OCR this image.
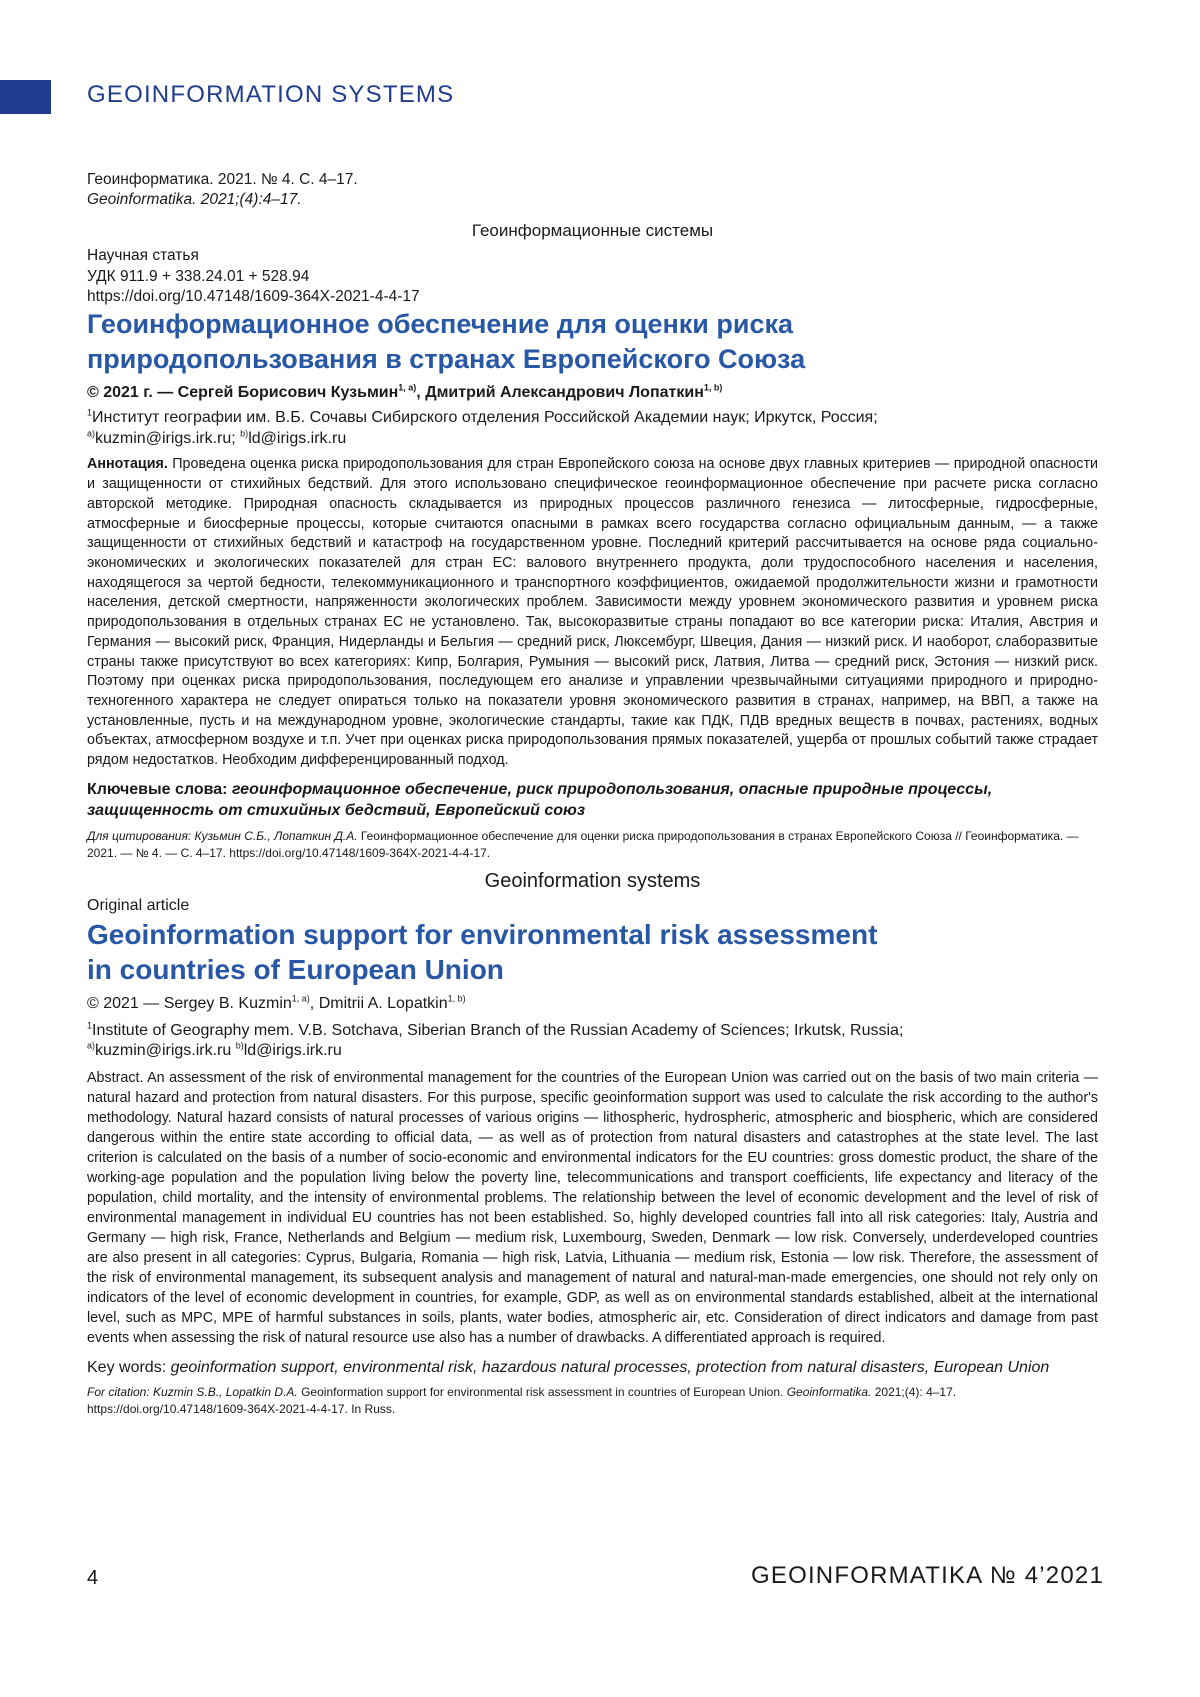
GEOINFORMATION SYSTEMS

Геоинформатика. 2021. № 4. С. 4–17.

Geoinformatika. 2021;(4):4–17.

Геоинформационные системы

Научная статья

УДК 911.9 + 338.24.01 + 528.94

https://doi.org/10.47148/1609-364X-2021-4-4-17

Геоинформационное обеспечение для оценки риска
природопользования в странах Европейского Союза

© 2021 г. — Сергей Борисович Кузьмин$^{1, a)}$, Дмитрий Александрович Лопаткин$^{1, b)}$

$^1$Институт географии им. В.Б. Сочавы Сибирского отделения Российской Академии наук; Иркутск, Россия;

$^{a)}$kuzmin@irigs.irk.ru; $^{b)}$ld@irigs.irk.ru

Аннотация. Проведена оценка риска природопользования для стран Европейского союза на основе двух главных критериев — природной опасности и защищенности от стихийных бедствий. Для этого использовано специфическое геоинформационное обеспечение при расчете риска согласно авторской методике. Природная опасность складывается из природных процессов различного генезиса — литосферные, гидросферные, атмосферные и биосферные процессы, которые считаются опасными в рамках всего государства согласно официальным данным, — а также защищенности от стихийных бедствий и катастроф на государственном уровне. Последний критерий рассчитывается на основе ряда социально-экономических и экологических показателей для стран ЕС: валового внутреннего продукта, доли трудоспособного населения и населения, находящегося за чертой бедности, телекоммуникационного и транспортного коэффициентов, ожидаемой продолжительности жизни и грамотности населения, детской смертности, напряженности экологических проблем. Зависимости между уровнем экономического развития и уровнем риска природопользования в отдельных странах ЕС не установлено. Так, высокоразвитые страны попадают во все категории риска: Италия, Австрия и Германия — высокий риск, Франция, Нидерланды и Бельгия — средний риск, Люксембург, Швеция, Дания — низкий риск. И наоборот, слаборазвитые страны также присутствуют во всех категориях: Кипр, Болгария, Румыния — высокий риск, Латвия, Литва — средний риск, Эстония — низкий риск. Поэтому при оценках риска природопользования, последующем его анализе и управлении чрезвычайными ситуациями природного и природно-техногенного характера не следует опираться только на показатели уровня экономического развития в странах, например, на ВВП, а также на установленные, пусть и на международном уровне, экологические стандарты, такие как ПДК, ПДВ вредных веществ в почвах, растениях, водных объектах, атмосферном воздухе и т.п. Учет при оценках риска природопользования прямых показателей, ущерба от прошлых событий также страдает рядом недостатков. Необходим дифференцированный подход.

Ключевые слова: геоинформационное обеспечение, риск природопользования, опасные природные процессы, защищенность от стихийных бедствий, Европейский союз

Для цитирования: Кузьмин С.Б., Лопаткин Д.А. Геоинформационное обеспечение для оценки риска природопользования в странах Европейского Союза // Геоинформатика. — 2021. — № 4. — С. 4–17. https://doi.org/10.47148/1609-364X-2021-4-4-17.

Geoinformation systems

Original article

Geoinformation support for environmental risk assessment
in countries of European Union

© 2021 — Sergey B. Kuzmin$^{1, a)}$, Dmitrii A. Lopatkin$^{1, b)}$

$^1$Institute of Geography mem. V.B. Sotchava, Siberian Branch of the Russian Academy of Sciences; Irkutsk, Russia;

$^{a)}$kuzmin@irigs.irk.ru $^{b)}$ld@irigs.irk.ru

Abstract. An assessment of the risk of environmental management for the countries of the European Union was carried out on the basis of two main criteria — natural hazard and protection from natural disasters. For this purpose, specific geoinformation support was used to calculate the risk according to the author's methodology. Natural hazard consists of natural processes of various origins — lithospheric, hydrospheric, atmospheric and biospheric, which are considered dangerous within the entire state according to official data, — as well as of protection from natural disasters and catastrophes at the state level. The last criterion is calculated on the basis of a number of socio-economic and environmental indicators for the EU countries: gross domestic product, the share of the working-age population and the population living below the poverty line, telecommunications and transport coefficients, life expectancy and literacy of the population, child mortality, and the intensity of environmental problems. The relationship between the level of economic development and the level of risk of environmental management in individual EU countries has not been established. So, highly developed countries fall into all risk categories: Italy, Austria and Germany — high risk, France, Netherlands and Belgium — medium risk, Luxembourg, Sweden, Denmark — low risk. Conversely, underdeveloped countries are also present in all categories: Cyprus, Bulgaria, Romania — high risk, Latvia, Lithuania — medium risk, Estonia — low risk. Therefore, the assessment of the risk of environmental management, its subsequent analysis and management of natural and natural-man-made emergencies, one should not rely only on indicators of the level of economic development in countries, for example, GDP, as well as on environmental standards established, albeit at the international level, such as MPC, MPE of harmful substances in soils, plants, water bodies, atmospheric air, etc. Consideration of direct indicators and damage from past events when assessing the risk of natural resource use also has a number of drawbacks. A differentiated approach is required.

Key words: geoinformation support, environmental risk, hazardous natural processes, protection from natural disasters, European Union

For citation: Kuzmin S.B., Lopatkin D.A. Geoinformation support for environmental risk assessment in countries of European Union. Geoinformatika. 2021;(4): 4–17. https://doi.org/10.47148/1609-364X-2021-4-4-17. In Russ.

4	GEOINFORMATIKA № 4’2021
